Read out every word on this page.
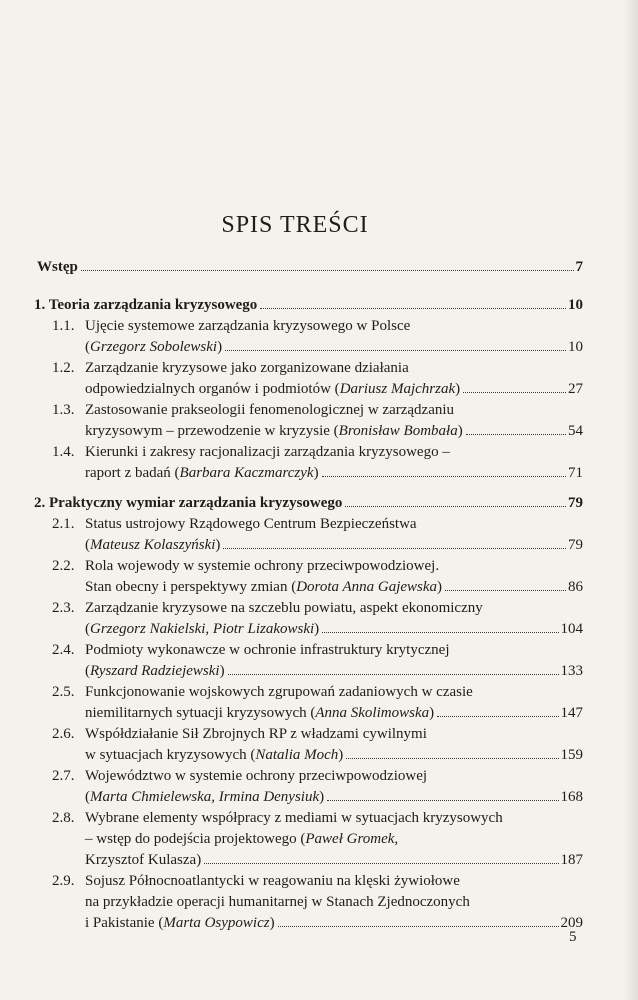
SPIS TREŚCI
Wstęp	7
1. Teoria zarządzania kryzysowego	10
1.1. Ujęcie systemowe zarządzania kryzysowego w Polsce
(Grzegorz Sobolewski)	10
1.2. Zarządzanie kryzysowe jako zorganizowane działania
odpowiedzialnych organów i podmiotów (Dariusz Majchrzak)	27
1.3. Zastosowanie prakseologii fenomenologicznej w zarządzaniu
kryzysowym – przewodzenie w kryzysie (Bronisław Bombała)	54
1.4. Kierunki i zakresy racjonalizacji zarządzania kryzysowego –
raport z badań (Barbara Kaczmarczyk)	71
2. Praktyczny wymiar zarządzania kryzysowego	79
2.1. Status ustrojowy Rządowego Centrum Bezpieczeństwa
(Mateusz Kolaszyński)	79
2.2. Rola wojewody w systemie ochrony przeciwpowodziowej.
Stan obecny i perspektywy zmian (Dorota Anna Gajewska)	86
2.3. Zarządzanie kryzysowe na szczeblu powiatu, aspekt ekonomiczny
(Grzegorz Nakielski, Piotr Lizakowski)	104
2.4. Podmioty wykonawcze w ochronie infrastruktury krytycznej
(Ryszard Radziejewski)	133
2.5. Funkcjonowanie wojskowych zgrupowań zadaniowych w czasie
niemilitarnych sytuacji kryzysowych (Anna Skolimowska)	147
2.6. Współdziałanie Sił Zbrojnych RP z władzami cywilnymi
w sytuacjach kryzysowych (Natalia Moch)	159
2.7. Województwo w systemie ochrony przeciwpowodziowej
(Marta Chmielewska, Irmina Denysiuk)	168
2.8. Wybrane elementy współpracy z mediami w sytuacjach kryzysowych
– wstęp do podejścia projektowego (Paweł Gromek,
Krzysztof Kulasza)	187
2.9. Sojusz Północnoatlantycki w reagowaniu na klęski żywiołowe
na przykładzie operacji humanitarnej w Stanach Zjednoczonych
i Pakistanie (Marta Osypowicz)	209
5
